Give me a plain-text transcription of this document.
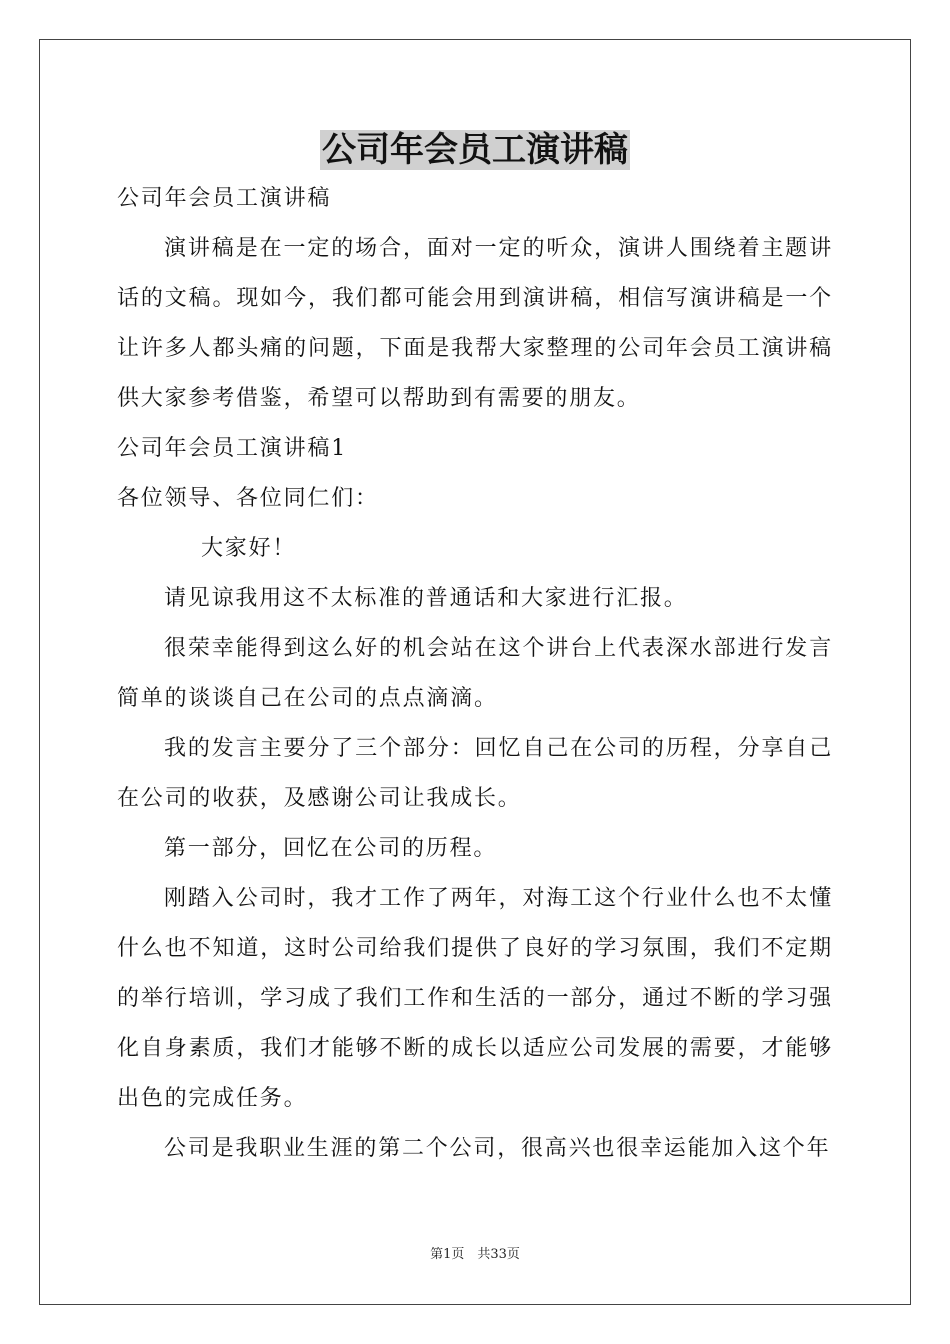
公司年会员工演讲稿

公司年会员工演讲稿

演讲稿是在一定的场合，面对一定的听众，演讲人围绕着主题讲话的文稿。现如今，我们都可能会用到演讲稿，相信写演讲稿是一个让许多人都头痛的问题，下面是我帮大家整理的公司年会员工演讲稿供大家参考借鉴，希望可以帮助到有需要的朋友。

公司年会员工演讲稿1

各位领导、各位同仁们：

大家好！

请见谅我用这不太标准的普通话和大家进行汇报。

很荣幸能得到这么好的机会站在这个讲台上代表深水部进行发言简单的谈谈自己在公司的点点滴滴。

我的发言主要分了三个部分：回忆自己在公司的历程，分享自己在公司的收获，及感谢公司让我成长。

第一部分，回忆在公司的历程。

刚踏入公司时，我才工作了两年，对海工这个行业什么也不太懂什么也不知道，这时公司给我们提供了良好的学习氛围，我们不定期的举行培训，学习成了我们工作和生活的一部分，通过不断的学习强化自身素质，我们才能够不断的成长以适应公司发展的需要，才能够出色的完成任务。

公司是我职业生涯的第二个公司，很高兴也很幸运能加入这个年

第1页　共33页
